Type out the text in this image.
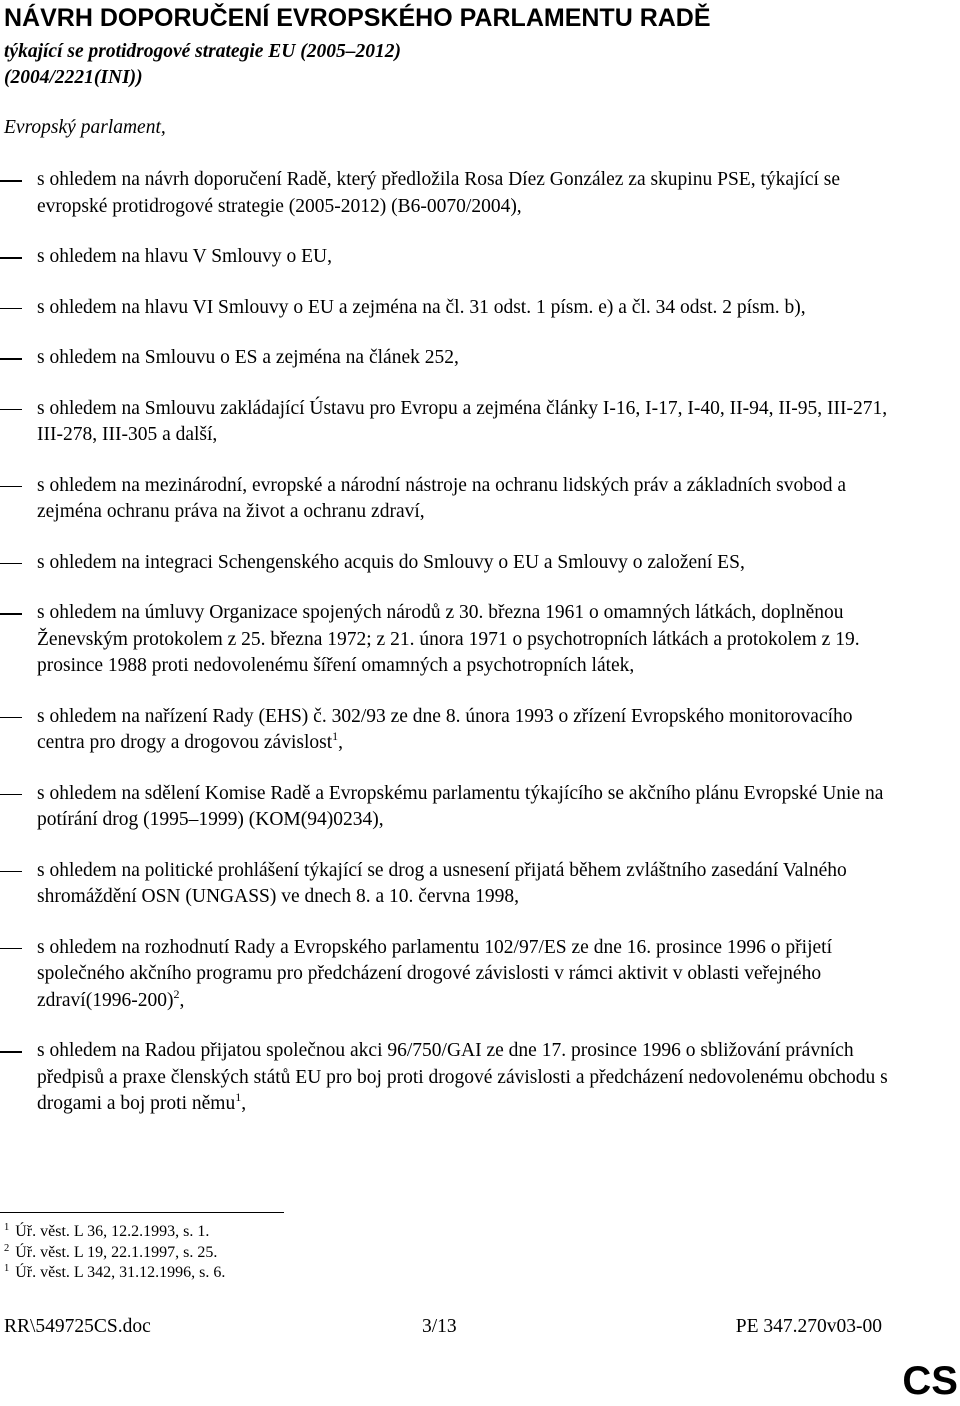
NÁVRH DOPORUČENÍ EVROPSKÉHO PARLAMENTU RADĚ
týkající se protidrogové strategie EU (2005–2012)
(2004/2221(INI))
Evropský parlament,
s ohledem na návrh doporučení Radě, který předložila Rosa Díez González za skupinu PSE, týkající se evropské protidrogové strategie (2005-2012) (B6-0070/2004),
s ohledem na hlavu V Smlouvy o EU,
s ohledem na hlavu VI Smlouvy o EU a zejména na čl. 31 odst. 1 písm. e) a čl. 34 odst. 2 písm. b),
s ohledem na Smlouvu o ES a zejména na článek 252,
s ohledem na Smlouvu zakládající Ústavu pro Evropu a zejména články I-16, I-17, I-40, II-94, II-95, III-271, III-278, III-305 a další,
s ohledem na mezinárodní, evropské a národní nástroje na ochranu lidských práv a základních svobod a zejména ochranu práva na život a ochranu zdraví,
s ohledem na integraci Schengenského acquis do Smlouvy o EU a Smlouvy o založení ES,
s ohledem na úmluvy Organizace spojených národů z 30. března 1961 o omamných látkách, doplněnou Ženevským protokolem z 25. března 1972; z 21. února 1971 o psychotropních látkách a protokolem z 19. prosince 1988 proti nedovolenému šíření omamných a psychotropních látek,
s ohledem na nařízení Rady (EHS) č. 302/93 ze dne 8. února 1993 o zřízení Evropského monitorovacího centra pro drogy a drogovou závislost$^1$,
s ohledem na sdělení Komise Radě a Evropskému parlamentu týkajícího se akčního plánu Evropské Unie na potírání drog (1995–1999) (KOM(94)0234),
s ohledem na politické prohlášení týkající se drog a usnesení přijatá během zvláštního zasedání Valného shromáždění OSN (UNGASS) ve dnech 8. a 10. června 1998,
s ohledem na rozhodnutí Rady a Evropského parlamentu 102/97/ES ze dne 16. prosince 1996 o přijetí společného akčního programu pro předcházení drogové závislosti v rámci aktivit v oblasti veřejného zdraví(1996-200)$^2$,
s ohledem na Radou přijatou společnou akci 96/750/GAI ze dne 17. prosince 1996 o sbližování právních předpisů a praxe členských států EU pro boj proti drogové závislosti a předcházení nedovolenému obchodu s drogami a boj proti němu$^1$,
$^1$ Úř. věst. L 36, 12.2.1993, s. 1.
$^2$ Úř. věst. L 19, 22.1.1997, s. 25.
$^1$ Úř. věst. L 342, 31.12.1996, s. 6.
RR\549725CS.doc	3/13	PE 347.270v03-00
CS
